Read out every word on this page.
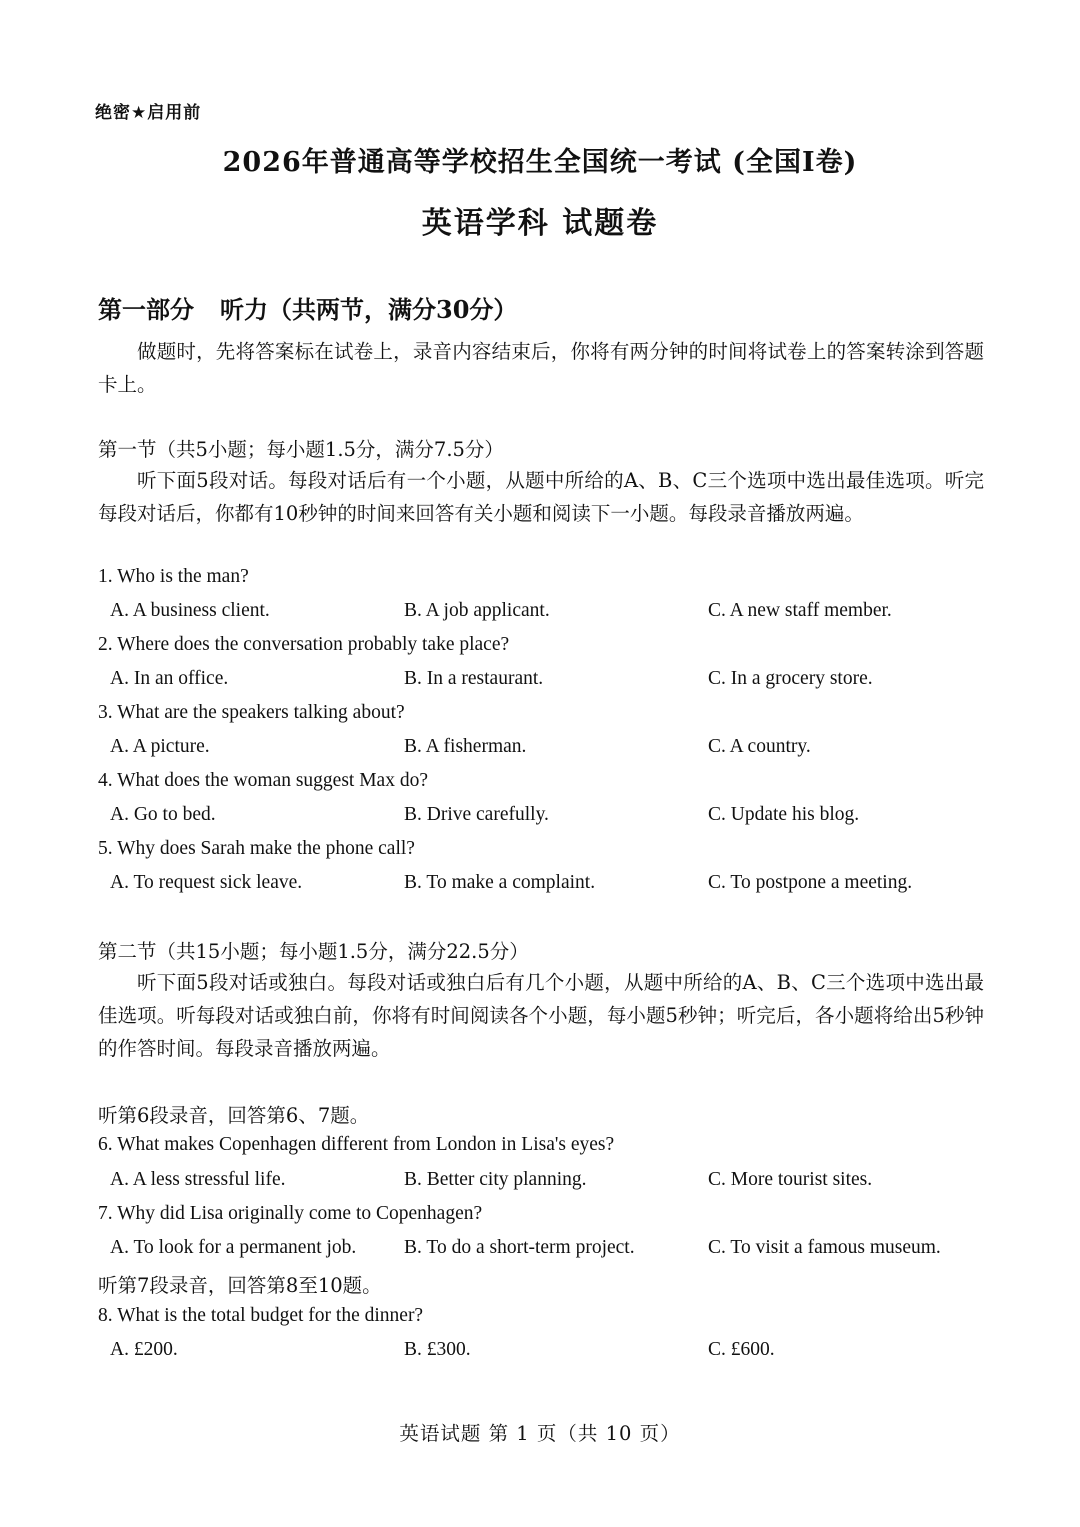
绝密★启用前
2026年普通高等学校招生全国统一考试 (全国I卷)
英语学科 试题卷
第一部分 听力（共两节，满分30分）
做题时，先将答案标在试卷上，录音内容结束后，你将有两分钟的时间将试卷上的答案转涂到答题卡上。
第一节（共5小题；每小题1.5分，满分7.5分）
听下面5段对话。每段对话后有一个小题，从题中所给的A、B、C三个选项中选出最佳选项。听完每段对话后，你都有10秒钟的时间来回答有关小题和阅读下一小题。每段录音播放两遍。
1. Who is the man?
A. A business client.	B. A job applicant.	C. A new staff member.
2. Where does the conversation probably take place?
A. In an office.	B. In a restaurant.	C. In a grocery store.
3. What are the speakers talking about?
A. A picture.	B. A fisherman.	C. A country.
4. What does the woman suggest Max do?
A. Go to bed.	B. Drive carefully.	C. Update his blog.
5. Why does Sarah make the phone call?
A. To request sick leave.	B. To make a complaint.	C. To postpone a meeting.
第二节（共15小题；每小题1.5分，满分22.5分）
听下面5段对话或独白。每段对话或独白后有几个小题，从题中所给的A、B、C三个选项中选出最佳选项。听每段对话或独白前，你将有时间阅读各个小题，每小题5秒钟；听完后，各小题将给出5秒钟的作答时间。每段录音播放两遍。
听第6段录音，回答第6、7题。
6. What makes Copenhagen different from London in Lisa's eyes?
A. A less stressful life.	B. Better city planning.	C. More tourist sites.
7. Why did Lisa originally come to Copenhagen?
A. To look for a permanent job. B. To do a short-term project.	C. To visit a famous museum.
听第7段录音，回答第8至10题。
8. What is the total budget for the dinner?
A. £200.	B. £300.	C. £600.
英语试题 第 1 页（共 10 页）
